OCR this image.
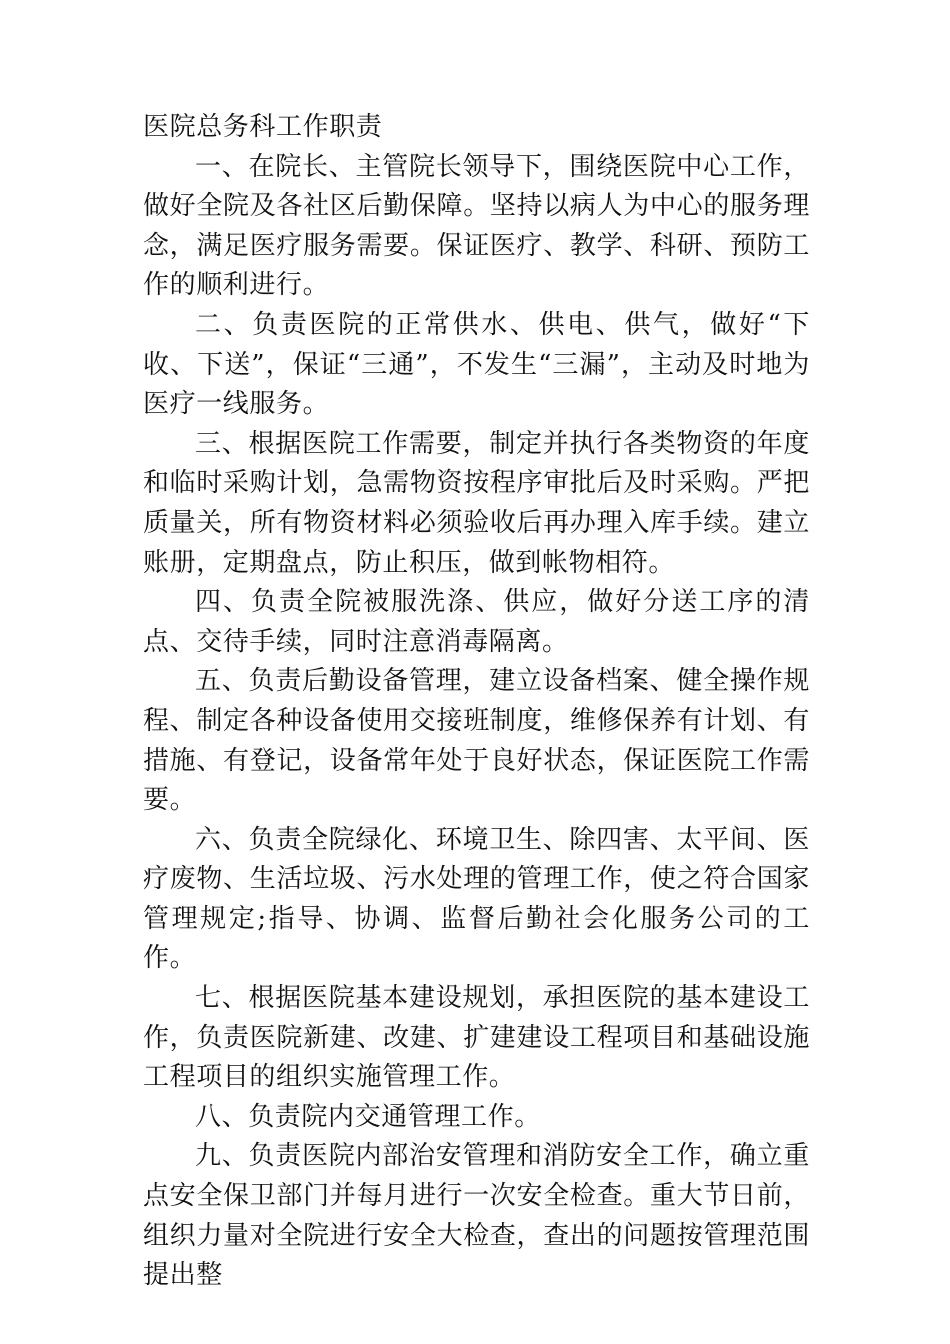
医院总务科工作职责

一、在院长、主管院长领导下，围绕医院中心工作，做好全院及各社区后勤保障。坚持以病人为中心的服务理念，满足医疗服务需要。保证医疗、教学、科研、预防工作的顺利进行。

二、负责医院的正常供水、供电、供气，做好“下收、下送”，保证“三通”，不发生“三漏”，主动及时地为医疗一线服务。

三、根据医院工作需要，制定并执行各类物资的年度和临时采购计划，急需物资按程序审批后及时采购。严把质量关，所有物资材料必须验收后再办理入库手续。建立账册，定期盘点，防止积压，做到帐物相符。

四、负责全院被服洗涤、供应，做好分送工序的清点、交待手续，同时注意消毒隔离。

五、负责后勤设备管理，建立设备档案、健全操作规程、制定各种设备使用交接班制度，维修保养有计划、有措施、有登记，设备常年处于良好状态，保证医院工作需要。

六、负责全院绿化、环境卫生、除四害、太平间、医疗废物、生活垃圾、污水处理的管理工作，使之符合国家管理规定;指导、协调、监督后勤社会化服务公司的工作。

七、根据医院基本建设规划，承担医院的基本建设工作，负责医院新建、改建、扩建建设工程项目和基础设施工程项目的组织实施管理工作。

八、负责院内交通管理工作。

九、负责医院内部治安管理和消防安全工作，确立重点安全保卫部门并每月进行一次安全检查。重大节日前，组织力量对全院进行安全大检查，查出的问题按管理范围提出整
